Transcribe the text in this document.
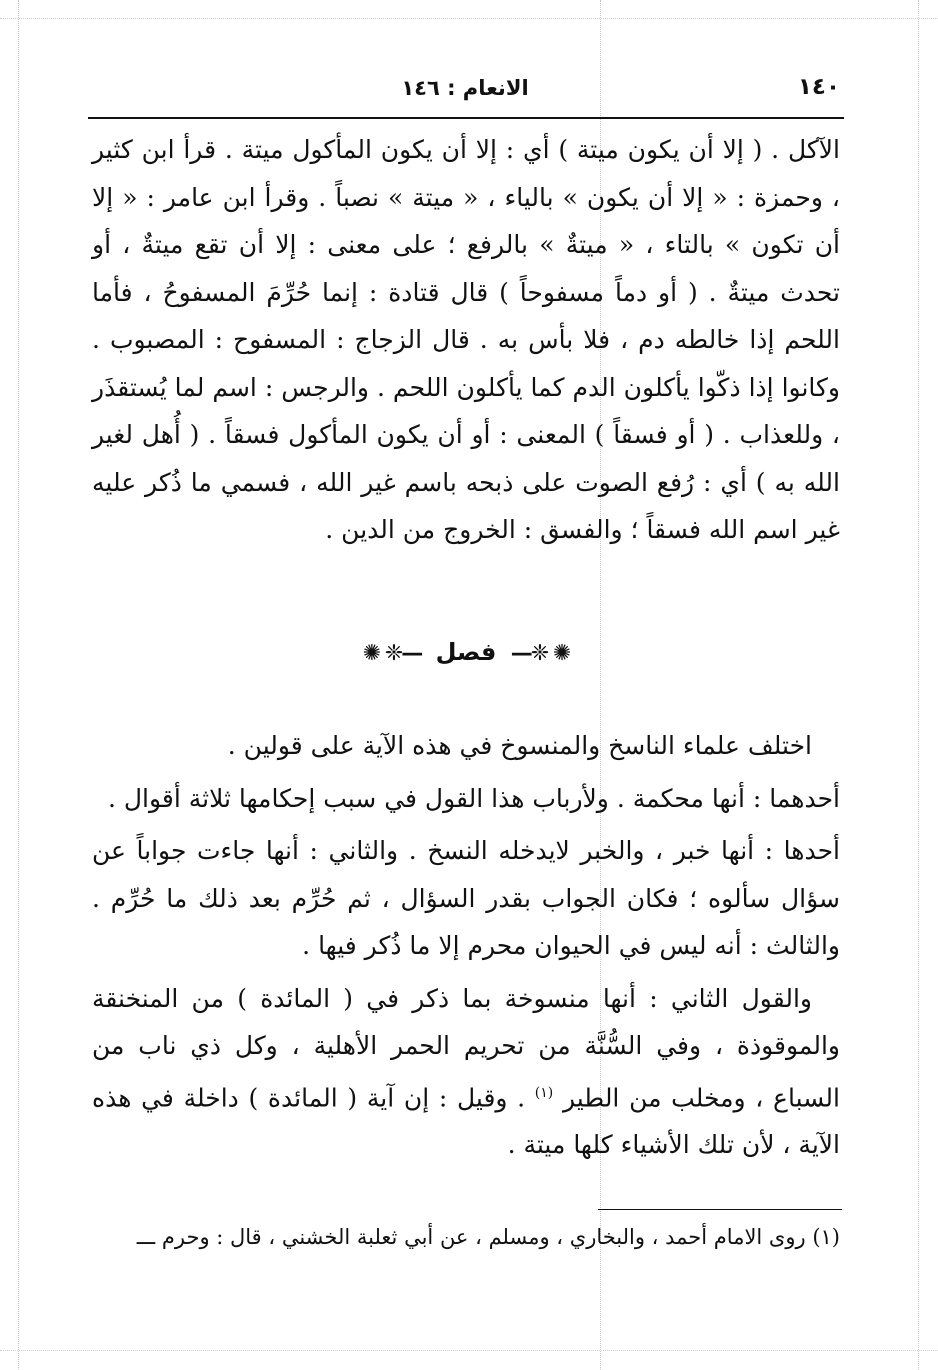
١٤٠
الانعام : ١٤٦

الآكل . ( إلا أن يكون ميتة ) أي : إلا أن يكون المأكول ميتة . قرأ ابن كثير ، وحمزة : « إلا أن يكون » بالياء ، « ميتة » نصباً . وقرأ ابن عامر : « إلا أن تكون » بالتاء ، « ميتةٌ » بالرفع ؛ على معنى : إلا أن تقع ميتةٌ ، أو تحدث ميتةٌ . ( أو دماً مسفوحاً ) قال قتادة : إنما حُرِّمَ المسفوحُ ، فأما اللحم إذا خالطه دم ، فلا بأس به . قال الزجاج : المسفوح : المصبوب . وكانوا إذا ذكّوا يأكلون الدم كما يأكلون اللحم . والرجس : اسم لما يُستقذَر ، وللعذاب . ( أو فسقاً ) المعنى : أو أن يكون المأكول فسقاً . ( أُهل لغير الله به ) أي : رُفع الصوت على ذبحه باسم غير الله ، فسمي ما ذُكر عليه غير اسم الله فسقاً ؛ والفسق : الخروج من الدين .

✺ ❈— فصل —❈ ✺

اختلف علماء الناسخ والمنسوخ في هذه الآية على قولين .

أحدهما : أنها محكمة . ولأرباب هذا القول في سبب إحكامها ثلاثة أقوال .

أحدها : أنها خبر ، والخبر لايدخله النسخ . والثاني : أنها جاءت جواباً عن سؤال سألوه ؛ فكان الجواب بقدر السؤال ، ثم حُرِّم بعد ذلك ما حُرِّم . والثالث : أنه ليس في الحيوان محرم إلا ما ذُكر فيها .

والقول الثاني : أنها منسوخة بما ذكر في ( المائدة ) من المنخنقة والموقوذة ، وفي السُّنَّة من تحريم الحمر الأهلية ، وكل ذي ناب من السباع ، ومخلب من الطير $^{(١)}$ . وقيل : إن آية ( المائدة ) داخلة في هذه الآية ، لأن تلك الأشياء كلها ميتة .

(١) روى الامام أحمد ، والبخاري ، ومسلم ، عن أبي ثعلبة الخشني ، قال : وحرم ـــ
